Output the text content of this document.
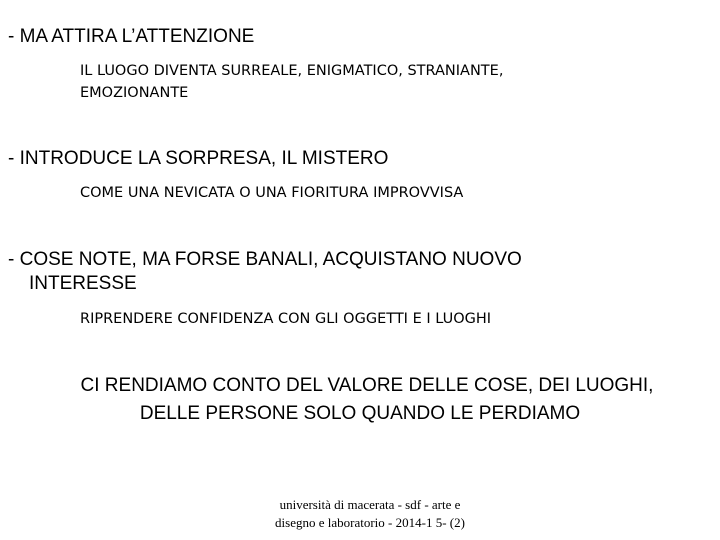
- MA ATTIRA L’ATTENZIONE
IL LUOGO DIVENTA SURREALE, ENIGMATICO, STRANIANTE,
EMOZIONANTE
- INTRODUCE LA SORPRESA, IL MISTERO
COME UNA NEVICATA O UNA FIORITURA IMPROVVISA
- COSE NOTE, MA FORSE BANALI, ACQUISTANO NUOVO
INTERESSE
RIPRENDERE CONFIDENZA CON GLI OGGETTI E I LUOGHI
CI RENDIAMO CONTO DEL VALORE DELLE COSE, DEI LUOGHI,
DELLE PERSONE SOLO QUANDO LE PERDIAMO
università di macerata - sdf - arte e
disegno e laboratorio - 2014-1 5- (2)
